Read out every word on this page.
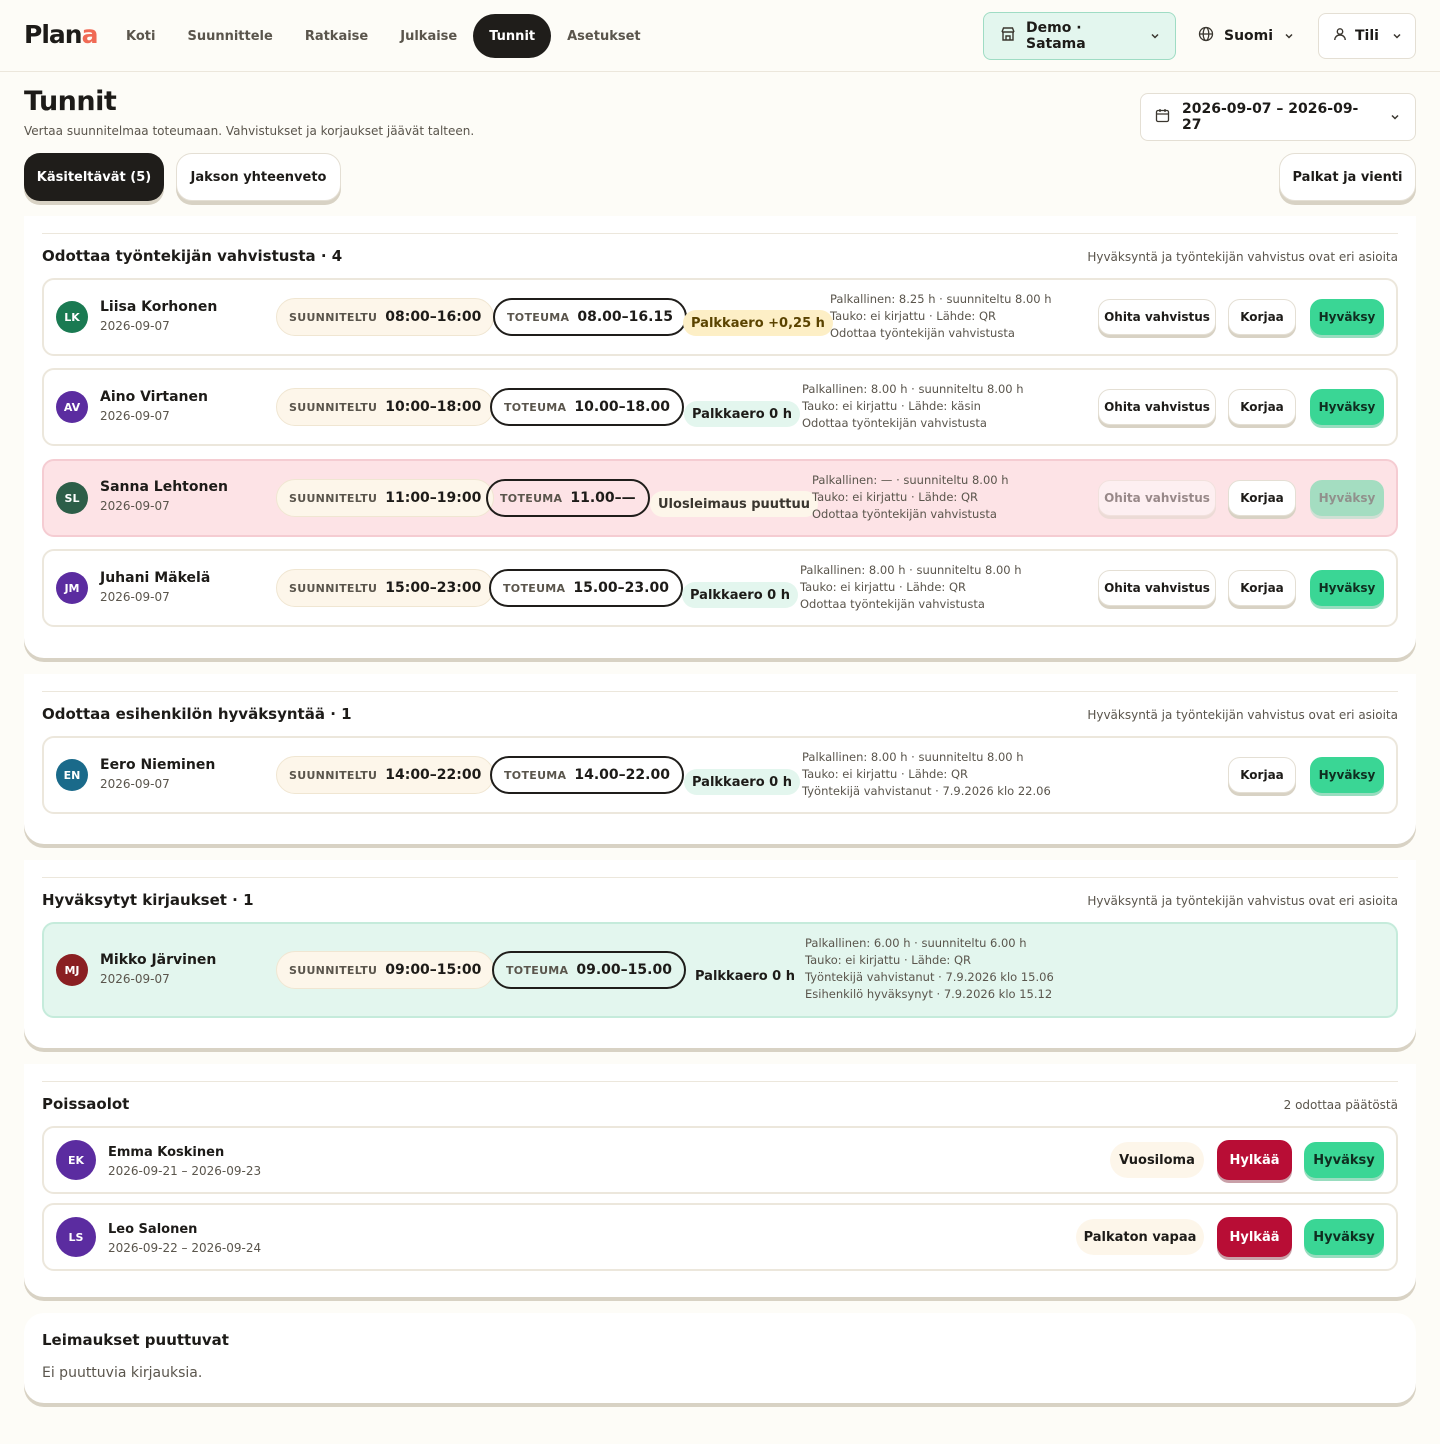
Plana	Koti	Suunnittele	Ratkaise	Julkaise	Tunnit	Asetukset	Demo · Satama	Suomi	Tili
Tunnit

Vertaa suunnitelmaa toteumaan. Vahvistukset ja korjaukset jäävät talteen.

2026-09-07 – 2026-09-27
Käsiteltävät (5)	Jakson yhteenveto	Palkat ja vienti
Odottaa työntekijän vahvistusta · 4	Hyväksyntä ja työntekijän vahvistus ovat eri asioita
LK
Liisa Korhonen
2026-09-07
SUUNNITELTU 08:00–16:00 TOTEUMA 08.00–16.15	Palkkaero +0,25 h
Palkallinen: 8.25 h · suunniteltu 8.00 h
Tauko: ei kirjattu · Lähde: QR
Odottaa työntekijän vahvistusta
Ohita vahvistus	Korjaa	Hyväksy
AV
Aino Virtanen
2026-09-07
SUUNNITELTU 10:00–18:00 TOTEUMA 10.00–18.00	Palkkaero 0 h
Palkallinen: 8.00 h · suunniteltu 8.00 h
Tauko: ei kirjattu · Lähde: käsin
Odottaa työntekijän vahvistusta
Ohita vahvistus	Korjaa	Hyväksy
SL
Sanna Lehtonen
2026-09-07
SUUNNITELTU 11:00–19:00 TOTEUMA 11.00–—	Ulosleimaus puuttuu
Palkallinen: — · suunniteltu 8.00 h
Tauko: ei kirjattu · Lähde: QR
Odottaa työntekijän vahvistusta
Ohita vahvistus	Korjaa	Hyväksy
JM
Juhani Mäkelä
2026-09-07
SUUNNITELTU 15:00–23:00 TOTEUMA 15.00–23.00	Palkkaero 0 h
Palkallinen: 8.00 h · suunniteltu 8.00 h
Tauko: ei kirjattu · Lähde: QR
Odottaa työntekijän vahvistusta
Ohita vahvistus	Korjaa	Hyväksy
Odottaa esihenkilön hyväksyntää · 1	Hyväksyntä ja työntekijän vahvistus ovat eri asioita
EN
Eero Nieminen
2026-09-07
SUUNNITELTU 14:00–22:00 TOTEUMA 14.00–22.00	Palkkaero 0 h
Palkallinen: 8.00 h · suunniteltu 8.00 h
Tauko: ei kirjattu · Lähde: QR
Työntekijä vahvistanut · 7.9.2026 klo 22.06
Korjaa	Hyväksy
Hyväksytyt kirjaukset · 1	Hyväksyntä ja työntekijän vahvistus ovat eri asioita
MJ
Mikko Järvinen
2026-09-07
SUUNNITELTU 09:00–15:00 TOTEUMA 09.00–15.00	Palkkaero 0 h
Palkallinen: 6.00 h · suunniteltu 6.00 h
Tauko: ei kirjattu · Lähde: QR
Työntekijä vahvistanut · 7.9.2026 klo 15.06
Esihenkilö hyväksynyt · 7.9.2026 klo 15.12
Poissaolot	2 odottaa päätöstä
EK	Emma Koskinen
2026-09-21 – 2026-09-23
Vuosiloma	Hylkää	Hyväksy
LS	Leo Salonen
2026-09-22 – 2026-09-24
Palkaton vapaa	Hylkää	Hyväksy
Leimaukset puuttuvat
Ei puuttuvia kirjauksia.
